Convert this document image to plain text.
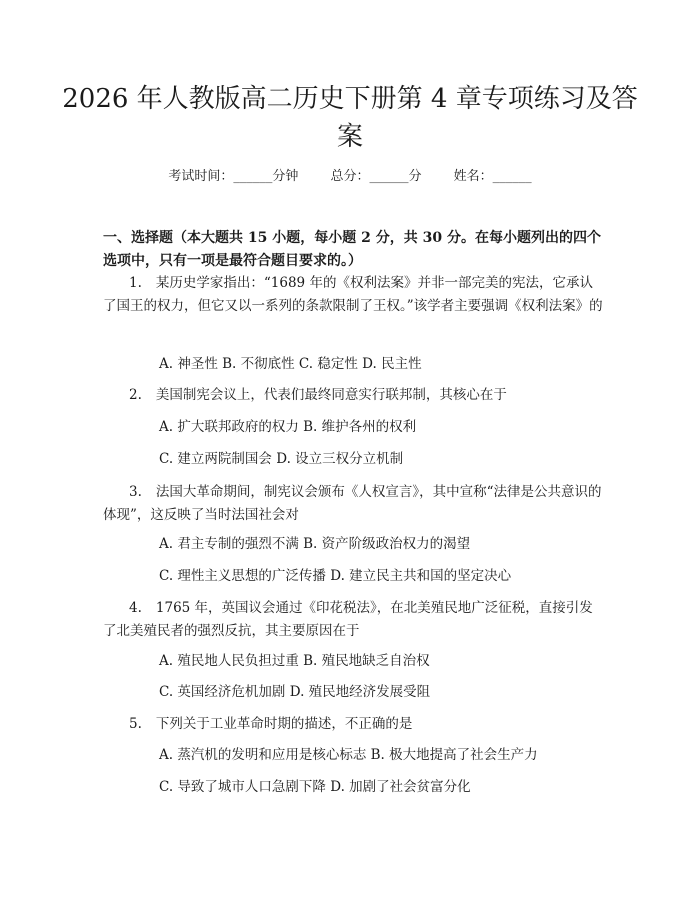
2026 年人教版高二历史下册第 4 章专项练习及答案
考试时间：______分钟 总分：______分 姓名：______
一、选择题（本大题共 15 小题，每小题 2 分，共 30 分。在每小题列出的四个选项中，只有一项是最符合题目要求的。）
1. 某历史学家指出：“1689 年的《权利法案》并非一部完美的宪法，它承认了国王的权力，但它又以一系列的条款限制了王权。”该学者主要强调《权利法案》的
A. 神圣性 B. 不彻底性 C. 稳定性 D. 民主性
2. 美国制宪会议上，代表们最终同意实行联邦制，其核心在于
A. 扩大联邦政府的权力 B. 维护各州的权利
C. 建立两院制国会 D. 设立三权分立机制
3. 法国大革命期间，制宪议会颁布《人权宣言》，其中宣称“法律是公共意识的体现”，这反映了当时法国社会对
A. 君主专制的强烈不满 B. 资产阶级政治权力的渴望
C. 理性主义思想的广泛传播 D. 建立民主共和国的坚定决心
4. 1765 年，英国议会通过《印花税法》，在北美殖民地广泛征税，直接引发了北美殖民者的强烈反抗，其主要原因在于
A. 殖民地人民负担过重 B. 殖民地缺乏自治权
C. 英国经济危机加剧 D. 殖民地经济发展受阻
5. 下列关于工业革命时期的描述，不正确的是
A. 蒸汽机的发明和应用是核心标志 B. 极大地提高了社会生产力
C. 导致了城市人口急剧下降 D. 加剧了社会贫富分化
